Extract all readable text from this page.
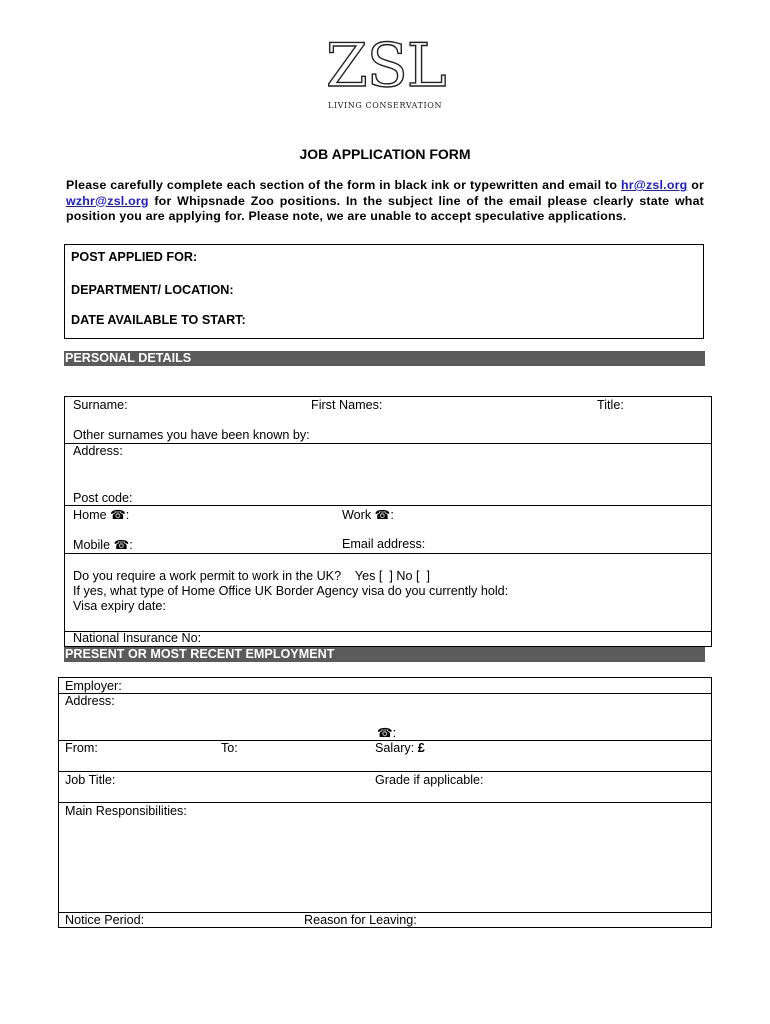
ZSL
LIVING CONSERVATION
JOB APPLICATION FORM
Please carefully complete each section of the form in black ink or typewritten and email to hr@zsl.org or wzhr@zsl.org for Whipsnade Zoo positions. In the subject line of the email please clearly state what position you are applying for. Please note, we are unable to accept speculative applications.
POST APPLIED FOR:
DEPARTMENT/ LOCATION:
DATE AVAILABLE TO START:
PERSONAL DETAILS
Surname:	First Names:	Title:
Other surnames you have been known by:
Address:
Post code:
Home ☎:	Work ☎:
Mobile ☎:	Email address:
Do you require a work permit to work in the UK?    Yes [  ] No [  ]
If yes, what type of Home Office UK Border Agency visa do you currently hold:
Visa expiry date:
National Insurance No:
PRESENT OR MOST RECENT EMPLOYMENT
Employer:
Address:
☎:
From:	To:	Salary: £
Job Title:	Grade if applicable:
Main Responsibilities:
Notice Period:	Reason for Leaving:
